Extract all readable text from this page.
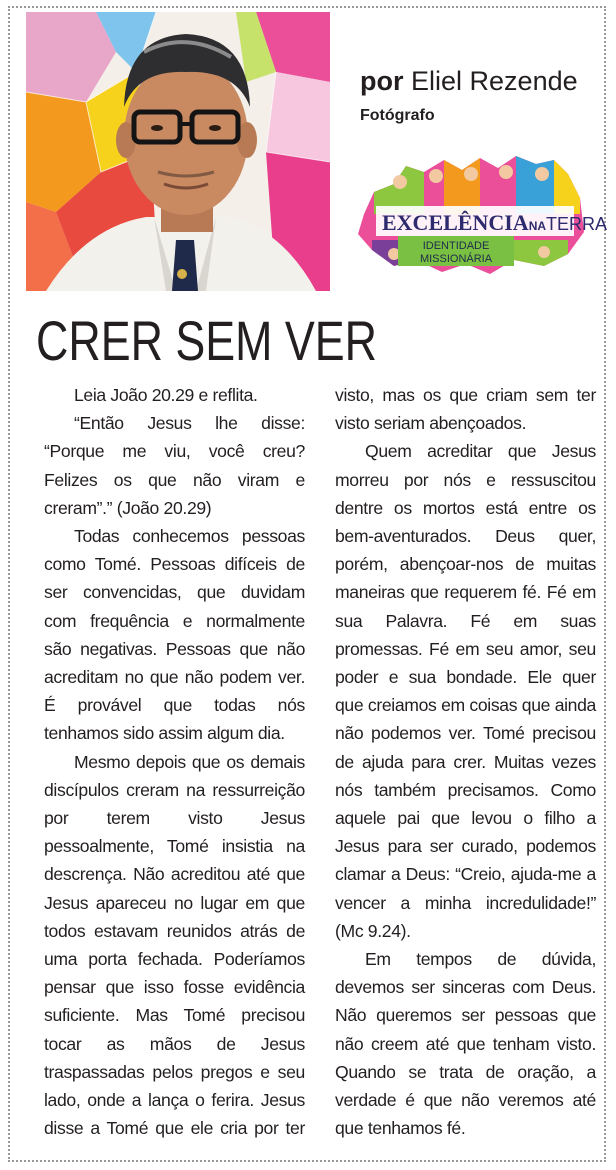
por Eliel Rezende
Fotógrafo
EXCELÊNCIANATERRA
IDENTIDADE
MISSIONÁRIA
CRER SEM VER

Leia João 20.29 e reflita.

“Então Jesus lhe disse: “Porque me viu, você creu? Felizes os que não viram e creram”.” (João 20.29)

Todas conhecemos pessoas como Tomé. Pessoas difíceis de ser convencidas, que duvidam com frequência e normalmente são negativas. Pessoas que não acreditam no que não podem ver. É provável que todas nós tenhamos sido assim algum dia.

Mesmo depois que os demais discípulos creram na ressurreição por terem visto Jesus pessoalmente, Tomé insistia na descrença. Não acreditou até que Jesus apareceu no lugar em que todos estavam reunidos atrás de uma porta fechada. Poderíamos pensar que isso fosse evidência suficiente. Mas Tomé precisou tocar as mãos de Jesus traspassadas pelos pregos e seu lado, onde a lança o ferira. Jesus disse a Tomé que ele cria por ter visto, mas os que criam sem ter visto seriam abençoados.

Quem acreditar que Jesus morreu por nós e ressuscitou dentre os mortos está entre os bem-aventurados. Deus quer, porém, abençoar-nos de muitas maneiras que requerem fé. Fé em sua Palavra. Fé em suas promessas. Fé em seu amor, seu poder e sua bondade. Ele quer que creiamos em coisas que ainda não podemos ver. Tomé precisou de ajuda para crer. Muitas vezes nós também precisamos. Como aquele pai que levou o filho a Jesus para ser curado, podemos clamar a Deus: “Creio, ajuda-me a vencer a minha incredulidade!” (Mc 9.24).

Em tempos de dúvida, devemos ser sinceras com Deus. Não queremos ser pessoas que não creem até que tenham visto. Quando se trata de oração, a verdade é que não veremos até que tenhamos fé.
